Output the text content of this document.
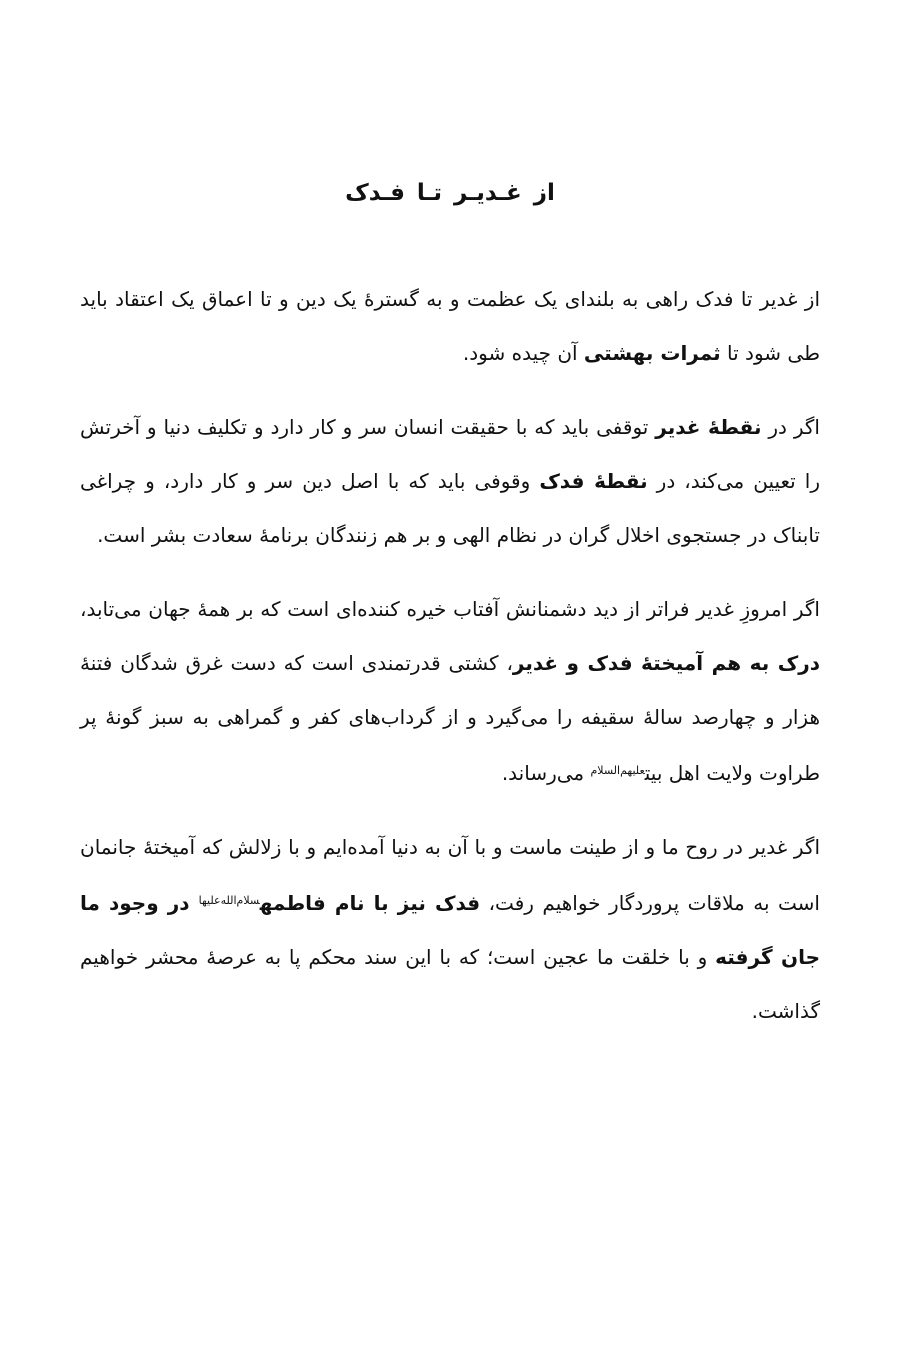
از غـدیـر تـا فـدک

از غدیر تا فدک راهی به بلندای یک عظمت و به گسترهٔ یک دین و تا اعماق یک اعتقاد باید طی شود تا ثمرات بهشتی آن چیده شود.

اگر در نقطهٔ غدیر توقفی باید که با حقیقت انسان سر و کار دارد و تکلیف دنیا و آخرتش را تعیین می‌کند، در نقطهٔ فدک وقوفی باید که با اصل دین سر و کار دارد، و چراغی تابناک در جستجوی اخلال گران در نظام الهی و بر هم زنندگان برنامهٔ سعادت بشر است.

اگر امروزِ غدیر فراتر از دید دشمنانش آفتاب خیره کننده‌ای است که بر همهٔ جهان می‌تابد، درک به هم آمیختهٔ فدک و غدیر، کشتی قدرتمندی است که دست غرق شدگان فتنهٔ هزار و چهارصد سالهٔ سقیفه را می‌گیرد و از گرداب‌های کفر و گمراهی به سبز گونهٔ پر طراوت ولایت اهل بیت$^{علیهم‌السلام}$ می‌رساند.

اگر غدیر در روح ما و از طینت ماست و با آن به دنیا آمده‌ایم و با زلالش که آمیختهٔ جانمان است به ملاقات پروردگار خواهیم رفت، فدک نیز با نام فاطمه$^{سلام‌الله‌علیها}$ در وجود ما جان گرفته و با خلقت ما عجین است؛ که با این سند محکم پا به عرصهٔ محشر خواهیم گذاشت.
